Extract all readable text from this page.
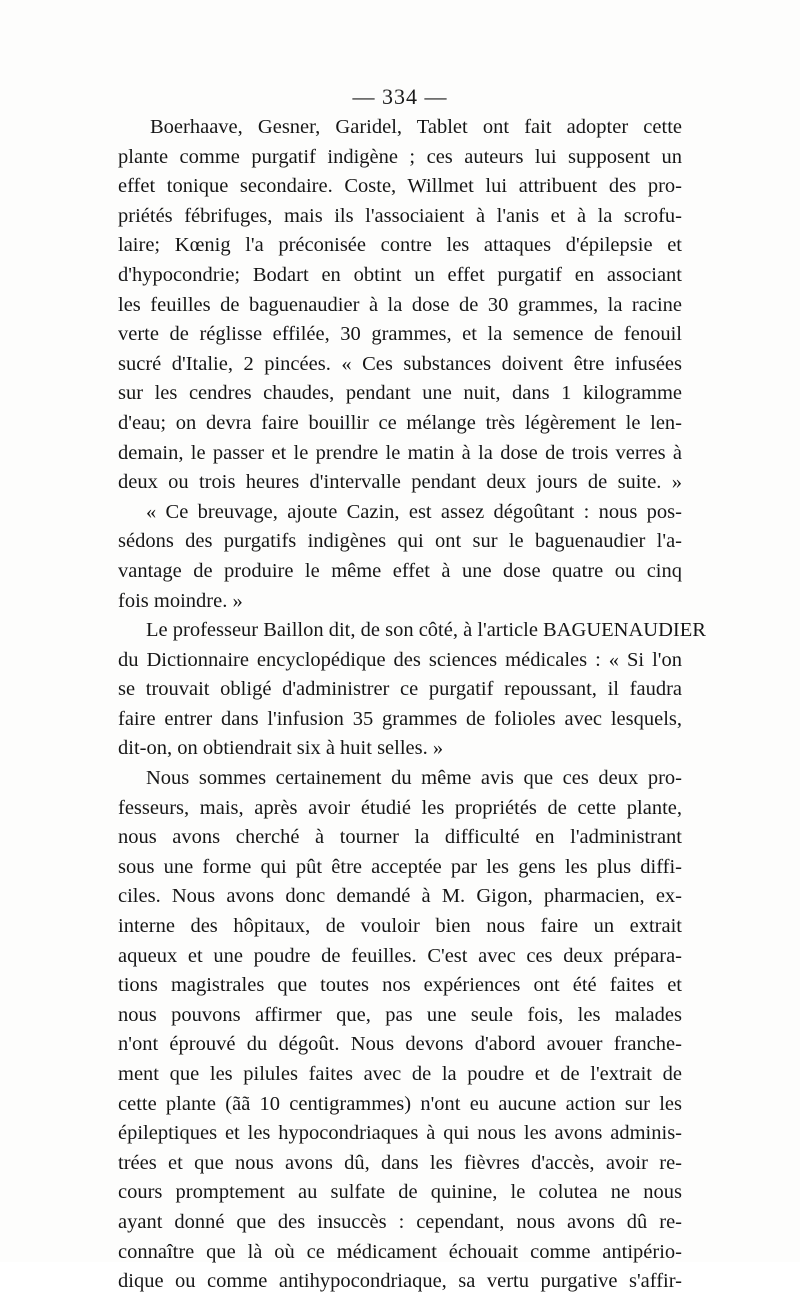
— 334 —
Boerhaave, Gesner, Garidel, Tablet ont fait adopter cette
plante comme purgatif indigène ; ces auteurs lui supposent un
effet tonique secondaire. Coste, Willmet lui attribuent des pro-
priétés fébrifuges, mais ils l'associaient à l'anis et à la scrofu-
laire; Kœnig l'a préconisée contre les attaques d'épilepsie et
d'hypocondrie; Bodart en obtint un effet purgatif en associant
les feuilles de baguenaudier à la dose de 30 grammes, la racine
verte de réglisse effilée, 30 grammes, et la semence de fenouil
sucré d'Italie, 2 pincées. « Ces substances doivent être infusées
sur les cendres chaudes, pendant une nuit, dans 1 kilogramme
d'eau; on devra faire bouillir ce mélange très légèrement le len-
demain, le passer et le prendre le matin à la dose de trois verres à
deux ou trois heures d'intervalle pendant deux jours de suite. »
« Ce breuvage, ajoute Cazin, est assez dégoûtant : nous pos-
sédons des purgatifs indigènes qui ont sur le baguenaudier l'a-
vantage de produire le même effet à une dose quatre ou cinq
fois moindre. »
Le professeur Baillon dit, de son côté, à l'article BAGUENAUDIER
du Dictionnaire encyclopédique des sciences médicales : « Si l'on
se trouvait obligé d'administrer ce purgatif repoussant, il faudra
faire entrer dans l'infusion 35 grammes de folioles avec lesquels,
dit-on, on obtiendrait six à huit selles. »
Nous sommes certainement du même avis que ces deux pro-
fesseurs, mais, après avoir étudié les propriétés de cette plante,
nous avons cherché à tourner la difficulté en l'administrant
sous une forme qui pût être acceptée par les gens les plus diffi-
ciles. Nous avons donc demandé à M. Gigon, pharmacien, ex-
interne des hôpitaux, de vouloir bien nous faire un extrait
aqueux et une poudre de feuilles. C'est avec ces deux prépara-
tions magistrales que toutes nos expériences ont été faites et
nous pouvons affirmer que, pas une seule fois, les malades
n'ont éprouvé du dégoût. Nous devons d'abord avouer franche-
ment que les pilules faites avec de la poudre et de l'extrait de
cette plante (ãã 10 centigrammes) n'ont eu aucune action sur les
épileptiques et les hypocondriaques à qui nous les avons adminis-
trées et que nous avons dû, dans les fièvres d'accès, avoir re-
cours promptement au sulfate de quinine, le colutea ne nous
ayant donné que des insuccès : cependant, nous avons dû re-
connaître que là où ce médicament échouait comme antipério-
dique ou comme antihypocondriaque, sa vertu purgative s'affir-
